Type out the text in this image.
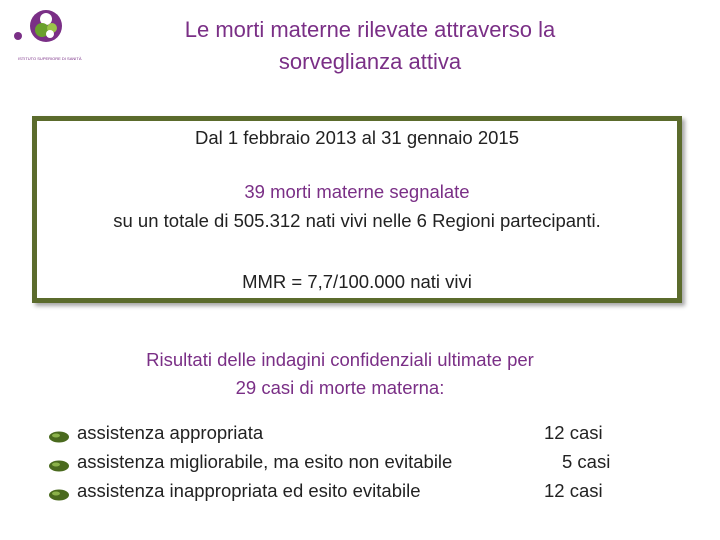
ISTITUTO SUPERIORE DI SANITÀ
Le morti materne rilevate attraverso la
sorveglianza attiva
Dal 1 febbraio 2013 al 31 gennaio 2015
39 morti materne segnalate
su un totale di 505.312 nati vivi nelle 6 Regioni partecipanti.
MMR = 7,7/100.000 nati vivi
Risultati delle indagini confidenziali ultimate per
29 casi di morte materna:
assistenza appropriata	12 casi
assistenza migliorabile, ma esito non evitabile	5 casi
assistenza inappropriata ed esito evitabile	12 casi
